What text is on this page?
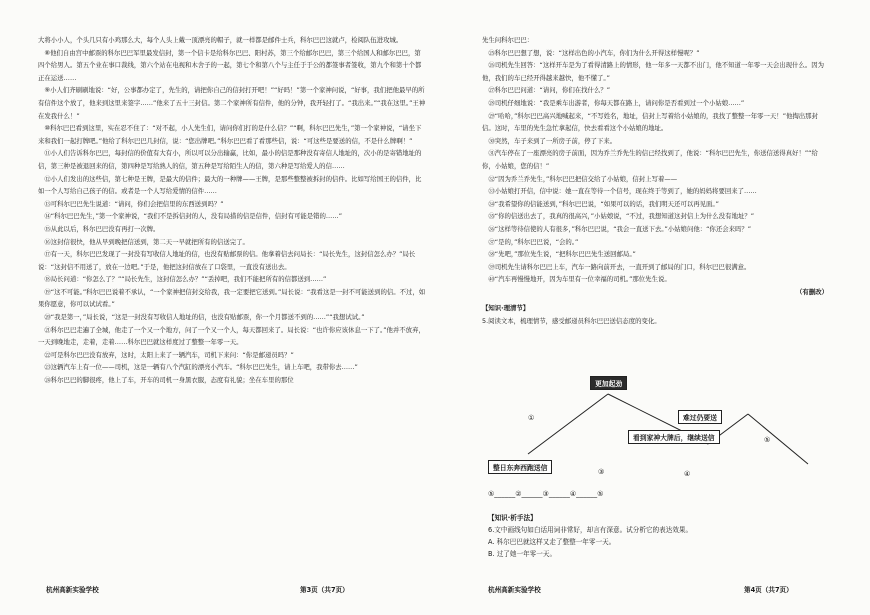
大将小小人，个头几只有小鸡那么大，每个人头上戴一顶漂亮的帽子，就一样都是邮件士兵，科尔巴巴这就卢，检阅队伍进攻城。

⑧他们自由宫中邮票的科尔巴巴军里最发信封，第一个信卡是给科尔巴巴、阳村苏，第三个给邮尔巴巴，第三个给国人和邮尔巴巴，第四个给男人。第五个业在事口裁线，第六个站在电视和木舍子的一起，第七个和第八个与主任于于公的都签事者签收，第九个和第十个都正在运送……

⑨小人们齐刷刷地说：“好，公事都办定了，先生的，请把你自己的信封打开吧！”“好吗！”第一个家神问说，“好事，我们把他最早的所有信件这个放了，他来到这里来签字……”他来了五十三封信。第二个家神所有信件，他的分钟，我开轻打了。“我出来。”“我在这里。”王神在发我什么！”

⑩科尔巴巴看到这里，实在忍不住了：“对不起，小人先生们，请问你们打的是什么信？”“啊，科尔巴巴先生，”第一个家神说，“请坐下来和我们一起打牌吧。”他给了科尔巴巴几封信，说：“您出牌吧。”科尔巴巴看了看那些信，说：“可这些是要送的信，不是什么牌啊！”

⑪小人们告诉科尔巴巴，每封信的价值有大有小，所以可以分出输赢，比如，最小的信是那种没有寄信人地址的，次小的是寄错地址的信，第三种是被退回来的信，第四种是写给熟人的信，第五种是写给陌生人的信，第六种是写给爱人的信……

⑫小人们发出的这些信，第七种是王牌，是最大的信件；最大的一种牌——王牌，是那些整整被拆封的信件。比如写给国王的信件，比如一个人写给自己孩子的信。或者是一个人写给爱情的信件……

⑬可科尔巴巴先生说道：“请问，你们会把信里的东西送到吗？”

⑭“科尔巴巴先生，”第一个家神说，“我们不是拆信封的人，没有局措的信是信件，信封有可能是错的……”

⑮从此以后，科尔巴巴没有再打一次牌。

⑯这封信很快，他从早到晚把信送到，第二天一早就把所有的信送完了。

⑰有一天，科尔巴巴发现了一封没有写收信人地址的信，也没有贴邮票的信。他拿着信去问局长：“局长先生，这封信怎么办？”局长说：“这封信不用送了，放在一边吧。”于是，他把这封信放在了口袋里，一直没有送出去。

⑱局长问道：“你怎么了？”“局长先生，这封信怎么办？”“丢掉吧，我们不能把所有的信都送到……”

⑲“这不可能。”科尔巴巴说着不承认，“一个家神把信封交给我，我一定要把它送到。”局长说：“我看这是一封不可能送到的信。不过，如果你愿意，你可以试试看。”

⑳“我是第一，”局长说，“这是一封没有写收信人地址的信，也没有贴邮票，你一个月都送不到的……”“我想试试。”

㉑科尔巴巴走遍了全城，他走了一个又一个地方，问了一个又一个人，每天都回来了。局长说：“也许你应该休息一下了。”他并不放弃，一天到晚地走，走着，走着……科尔巴巴就这样度过了整整一年零一天。

㉒可是科尔巴巴没有放弃，这时，太阳上来了一辆汽车，司机下来问：“你是邮递员吗？”

㉓这辆汽车上有一位——司机，这是一辆有八个汽缸的漂亮小汽车。“科尔巴巴先生，请上车吧，我带你去……”

㉔科尔巴巴的脚很疼，他上了车，开车的司机一身黑衣服，态度有礼貌；坐在车里的那位

杭州高新实验学校	第3页（共7页）

先生问科尔巴巴：

㉕科尔巴巴想了想，说：“这样出色的小汽车，你们为什么开得这样慢呢？”

㉖司机先生回答：“这样开车是为了看得清路上的情形，他一年多一天都不出门，他不知道一年零一天会出现什么。因为他，我们的车已经开得越来越快，他不懂了。”

㉗科尔巴巴问道：“请问，你们在找什么？”

㉘司机仔细地说：“我是乘车出游者，你每天都在路上，请问你是否看到过一个小姑娘……”

㉙“哈哈，”科尔巴巴高兴地喊起来，“不写姓名，地址，信封上写着给小姑娘的，我找了整整一年零一天！”他掏出那封信。这时，车里的先生急忙拿起信，快去看看这个小姑娘的地址。

㉚突然，车子来到了一所房子前，停了下来。

㉛汽车停在了一座漂亮的房子前面，因为乔兰乔先生的信已经找到了，他说：“科尔巴巴先生，你送信送得真好！”“给你，小姑娘，您的信！”

㉜“因为乔兰乔先生，”科尔巴巴把信交给了小姑娘，信封上写着——

㉝小姑娘打开信，信中说：她一直在等待一个信号，现在终于等到了，她的妈妈将要回来了……

㉞“我希望你的信能送到，”科尔巴巴说，“如果可以的话，我们明天还可以再见面。”

㉟“你的信送出去了，我真的很高兴，”小姑娘说，“不过，我想知道这封信上为什么没有地址？”

㊱“这样等待信使的人有很多，”科尔巴巴说，“我会一直送下去。”小姑娘问他：“你还会来吗？”

㊲“是的，”科尔巴巴说，“会的。”

㊳“先吧，”那位先生说，“把科尔巴巴先生送回邮局。”

㊴司机先生请科尔巴巴上车，汽车一路向前开去，一直开到了邮局的门口，科尔巴巴很满意。

㊵“汽车再慢慢地开，因为车里有一位幸福的司机。”那位先生说。

（有删改）
【知识·理清节】
5.阅读文本，梳理情节，感受邮递员科尔巴巴送信态度的变化。
更加起劲
看到家神大牌后，继续送信
整日东奔西跑送信
难过仍要送
①
③	④
⑤
⑤______②______③______④______⑤
【知识·析手法】
6.文中画线句如白话用词非常好，却言有深意。试分析它的表达效果。
A. 科尔巴巴就这样又走了整整一年零一天。
B. 过了她一年零一天。
杭州高新实验学校	第4页（共7页）
